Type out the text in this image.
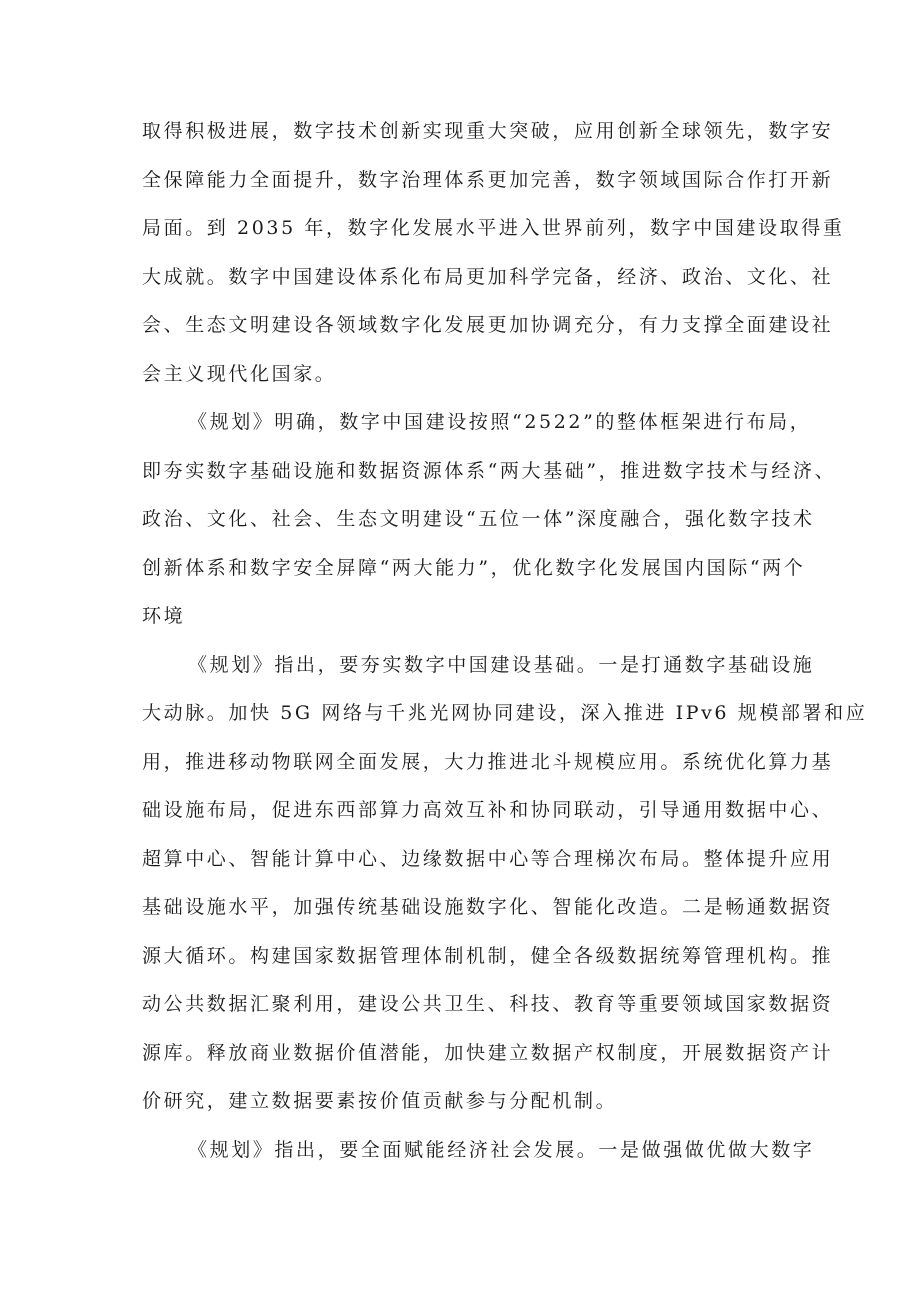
取得积极进展，数字技术创新实现重大突破，应用创新全球领先，数字安
全保障能力全面提升，数字治理体系更加完善，数字领域国际合作打开新
局面。到 2035 年，数字化发展水平进入世界前列，数字中国建设取得重
大成就。数字中国建设体系化布局更加科学完备，经济、政治、文化、社
会、生态文明建设各领域数字化发展更加协调充分，有力支撑全面建设社
会主义现代化国家。
《规划》明确，数字中国建设按照“2522”的整体框架进行布局，
即夯实数字基础设施和数据资源体系“两大基础”，推进数字技术与经济、
政治、文化、社会、生态文明建设“五位一体”深度融合，强化数字技术
创新体系和数字安全屏障“两大能力”，优化数字化发展国内国际“两个
环境
《规划》指出，要夯实数字中国建设基础。一是打通数字基础设施
大动脉。加快 5G 网络与千兆光网协同建设，深入推进 IPv6 规模部署和应
用，推进移动物联网全面发展，大力推进北斗规模应用。系统优化算力基
础设施布局，促进东西部算力高效互补和协同联动，引导通用数据中心、
超算中心、智能计算中心、边缘数据中心等合理梯次布局。整体提升应用
基础设施水平，加强传统基础设施数字化、智能化改造。二是畅通数据资
源大循环。构建国家数据管理体制机制，健全各级数据统筹管理机构。推
动公共数据汇聚利用，建设公共卫生、科技、教育等重要领域国家数据资
源库。释放商业数据价值潜能，加快建立数据产权制度，开展数据资产计
价研究，建立数据要素按价值贡献参与分配机制。
《规划》指出，要全面赋能经济社会发展。一是做强做优做大数字
